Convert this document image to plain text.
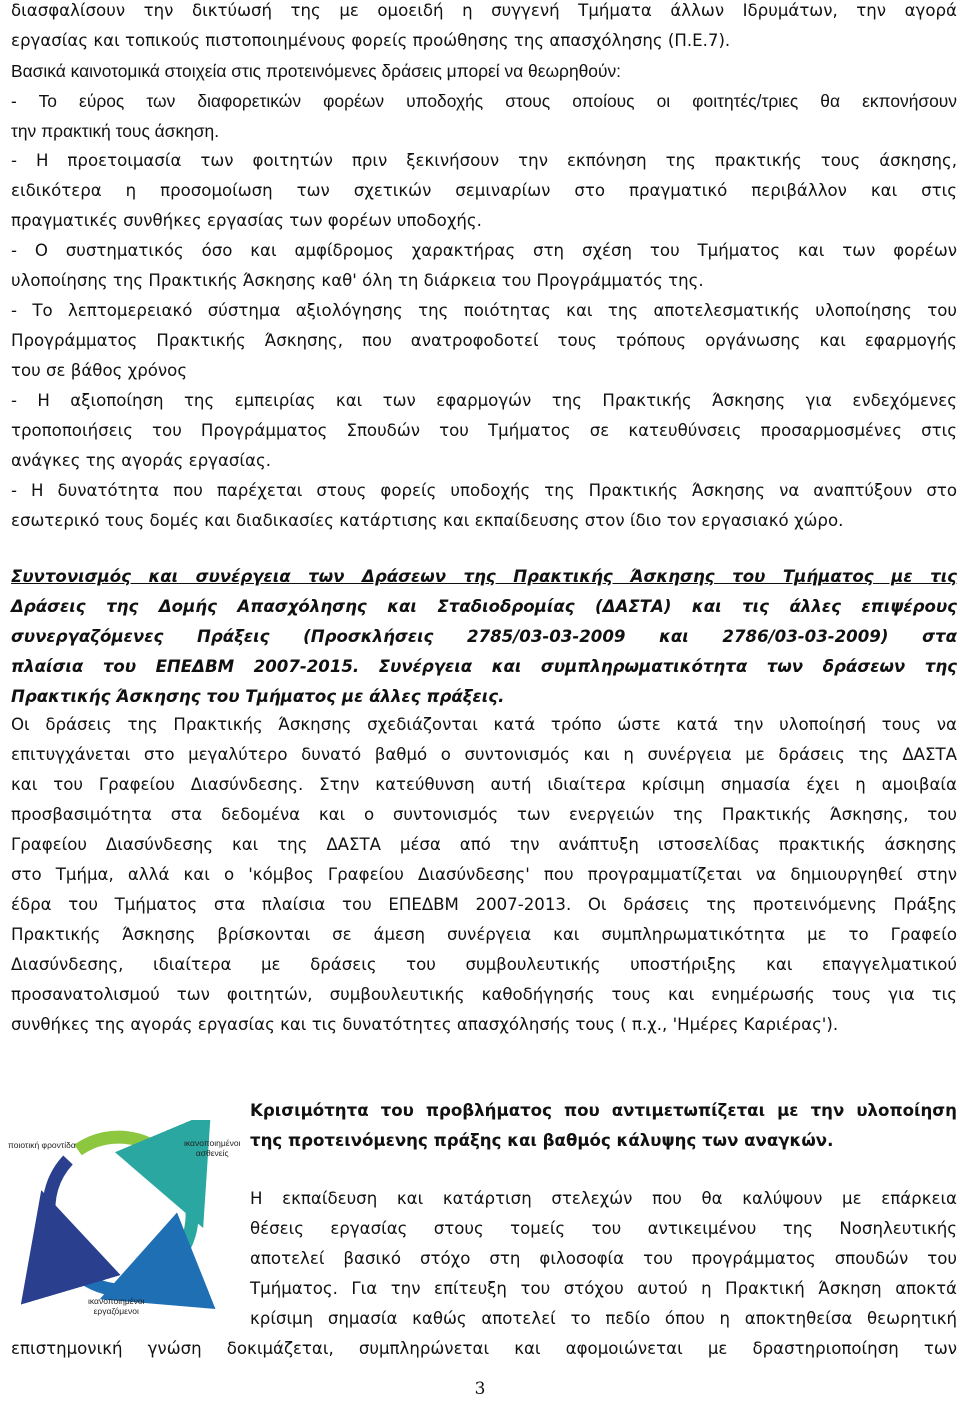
διασφαλίσουν την δικτύωσή της με ομοειδή η συγγενή Τμήματα άλλων Ιδρυμάτων, την αγορά
εργασίας και τοπικούς πιστοποιημένους φορείς προώθησης της απασχόλησης (Π.Ε.7).
Βασικά καινοτομικά στοιχεία στις προτεινόμενες δράσεις μπορεί να θεωρηθούν:
- Το εύρος των διαφορετικών φορέων υποδοχής στους οποίους οι φοιτητές/τριες θα εκπονήσουν
την πρακτική τους άσκηση.
- Η προετοιμασία των φοιτητών πριν ξεκινήσουν την εκπόνηση της πρακτικής τους άσκησης,
ειδικότερα η προσομοίωση των σχετικών σεμιναρίων στο πραγματικό περιβάλλον και στις
πραγματικές συνθήκες εργασίας των φορέων υποδοχής.
- Ο συστηματικός όσο και αμφίδρομος χαρακτήρας στη σχέση του Τμήματος και των φορέων
υλοποίησης της Πρακτικής Άσκησης καθ' όλη τη διάρκεια του Προγράμματός της.
- Το λεπτομερειακό σύστημα αξιολόγησης της ποιότητας και της αποτελεσματικής υλοποίησης του
Προγράμματος Πρακτικής Άσκησης, που ανατροφοδοτεί τους τρόπους οργάνωσης και εφαρμογής
του σε βάθος χρόνος
- Η αξιοποίηση της εμπειρίας και των εφαρμογών της Πρακτικής Άσκησης για ενδεχόμενες
τροποποιήσεις του Προγράμματος Σπουδών του Τμήματος σε κατευθύνσεις προσαρμοσμένες στις
ανάγκες της αγοράς εργασίας.
- Η δυνατότητα που παρέχεται στους φορείς υποδοχής της Πρακτικής Άσκησης να αναπτύξουν στο
εσωτερικό τους δομές και διαδικασίες κατάρτισης και εκπαίδευσης στον ίδιο τον εργασιακό χώρο.
Συντονισμός και συνέργεια των Δράσεων της Πρακτικής Άσκησης του Τμήματος με τις
Δράσεις της Δομής Απασχόλησης και Σταδιοδρομίας (ΔΑΣΤΑ) και τις άλλες επιψέρους
συνεργαζόμενες Πράξεις (Προσκλήσεις 2785/03-03-2009 και 2786/03-03-2009) στα
πλαίσια του ΕΠΕΔΒΜ 2007-2015. Συνέργεια και συμπληρωματικότητα των δράσεων της
Πρακτικής Άσκησης του Τμήματος με άλλες πράξεις.
Οι δράσεις της Πρακτικής Άσκησης σχεδιάζονται κατά τρόπο ώστε κατά την υλοποίησή τους να
επιτυγχάνεται στο μεγαλύτερο δυνατό βαθμό ο συντονισμός και η συνέργεια με δράσεις της ΔΑΣΤΑ
και του Γραφείου Διασύνδεσης. Στην κατεύθυνση αυτή ιδιαίτερα κρίσιμη σημασία έχει η αμοιβαία
προσβασιμότητα στα δεδομένα και ο συντονισμός των ενεργειών της Πρακτικής Άσκησης, του
Γραφείου Διασύνδεσης και της ΔΑΣΤΑ μέσα από την ανάπτυξη ιστοσελίδας πρακτικής άσκησης
στο Τμήμα, αλλά και ο 'κόμβος Γραφείου Διασύνδεσης' που προγραμματίζεται να δημιουργηθεί στην
έδρα του Τμήματος στα πλαίσια του ΕΠΕΔΒΜ 2007-2013. Οι δράσεις της προτεινόμενης Πράξης
Πρακτικής Άσκησης βρίσκονται σε άμεση συνέργεια και συμπληρωματικότητα με το Γραφείο
Διασύνδεσης, ιδιαίτερα με δράσεις του συμβουλευτικής υποστήριξης και επαγγελματικού
προσανατολισμού των φοιτητών, συμβουλευτικής καθοδήγησής τους και ενημέρωσής τους για τις
συνθήκες της αγοράς εργασίας και τις δυνατότητες απασχόλησής τους ( π.χ., 'Ημέρες Καριέρας').
Κρισιμότητα του προβλήματος που αντιμετωπίζεται με την υλοποίηση
της προτεινόμενης πράξης και βαθμός κάλυψης των αναγκών.
Η εκπαίδευση και κατάρτιση στελεχών που θα καλύψουν με επάρκεια
θέσεις εργασίας στους τομείς του αντικειμένου της Νοσηλευτικής
αποτελεί βασικό στόχο στη φιλοσοφία του προγράμματος σπουδών του
Τμήματος. Για την επίτευξη του στόχου αυτού η Πρακτική Άσκηση αποκτά
κρίσιμη σημασία καθώς αποτελεί το πεδίο όπου η αποκτηθείσα θεωρητική
επιστημονική γνώση δοκιμάζεται, συμπληρώνεται και αφομοιώνεται με δραστηριοποίηση των
ποιοτική φροντίδα	ικανοποιημένοι
ασθενείς
ικανοποιημένοι
εργαζόμενοι
3
